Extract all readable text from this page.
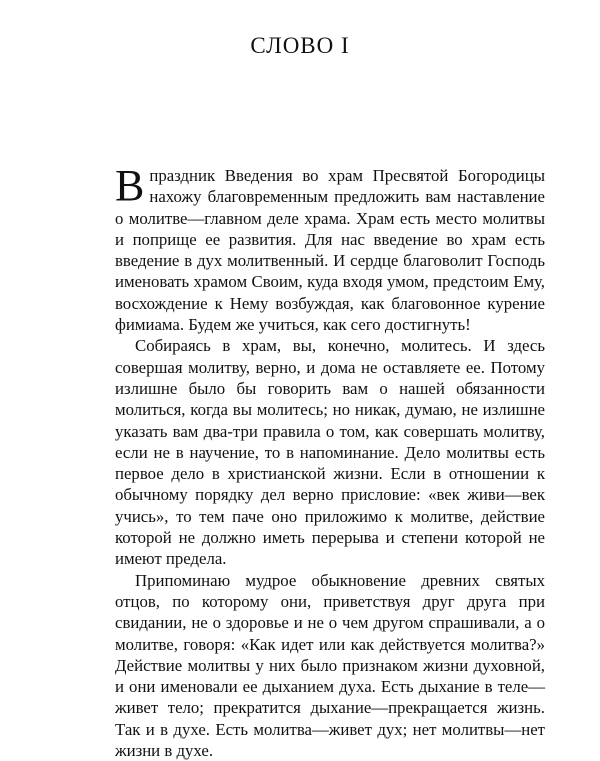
СЛОВО I

Впраздник Введения во храм Пресвятой Богородицы нахожу благовременным предложить вам наставление о молитве—главном деле храма. Храм есть место молитвы и поприще ее развития. Для нас введение во храм есть введение в дух молитвенный. И сердце благоволит Господь именовать храмом Своим, куда входя умом, предстоим Ему, восхождение к Нему возбуждая, как благовонное курение фимиама. Будем же учиться, как сего достигнуть!

Собираясь в храм, вы, конечно, молитесь. И здесь совершая молитву, верно, и дома не оставляете ее. Потому излишне было бы говорить вам о нашей обязанности молиться, когда вы молитесь; но никак, думаю, не излишне указать вам два-три правила о том, как совершать молитву, если не в научение, то в напоминание. Дело молитвы есть первое дело в христианской жизни. Если в отношении к обычному порядку дел верно присловие: «век живи—век учись», то тем паче оно приложимо к молитве, действие которой не должно иметь перерыва и степени которой не имеют предела.

Припоминаю мудрое обыкновение древних святых отцов, по которому они, приветствуя друг друга при свидании, не о здоровье и не о чем другом спрашивали, а о молитве, говоря: «Как идет или как действуется молитва?» Действие молитвы у них было признаком жизни духовной, и они именовали ее дыханием духа. Есть дыхание в теле—живет тело; прекратится дыхание—прекращается жизнь. Так и в духе. Есть молитва—живет дух; нет молитвы—нет жизни в духе.
